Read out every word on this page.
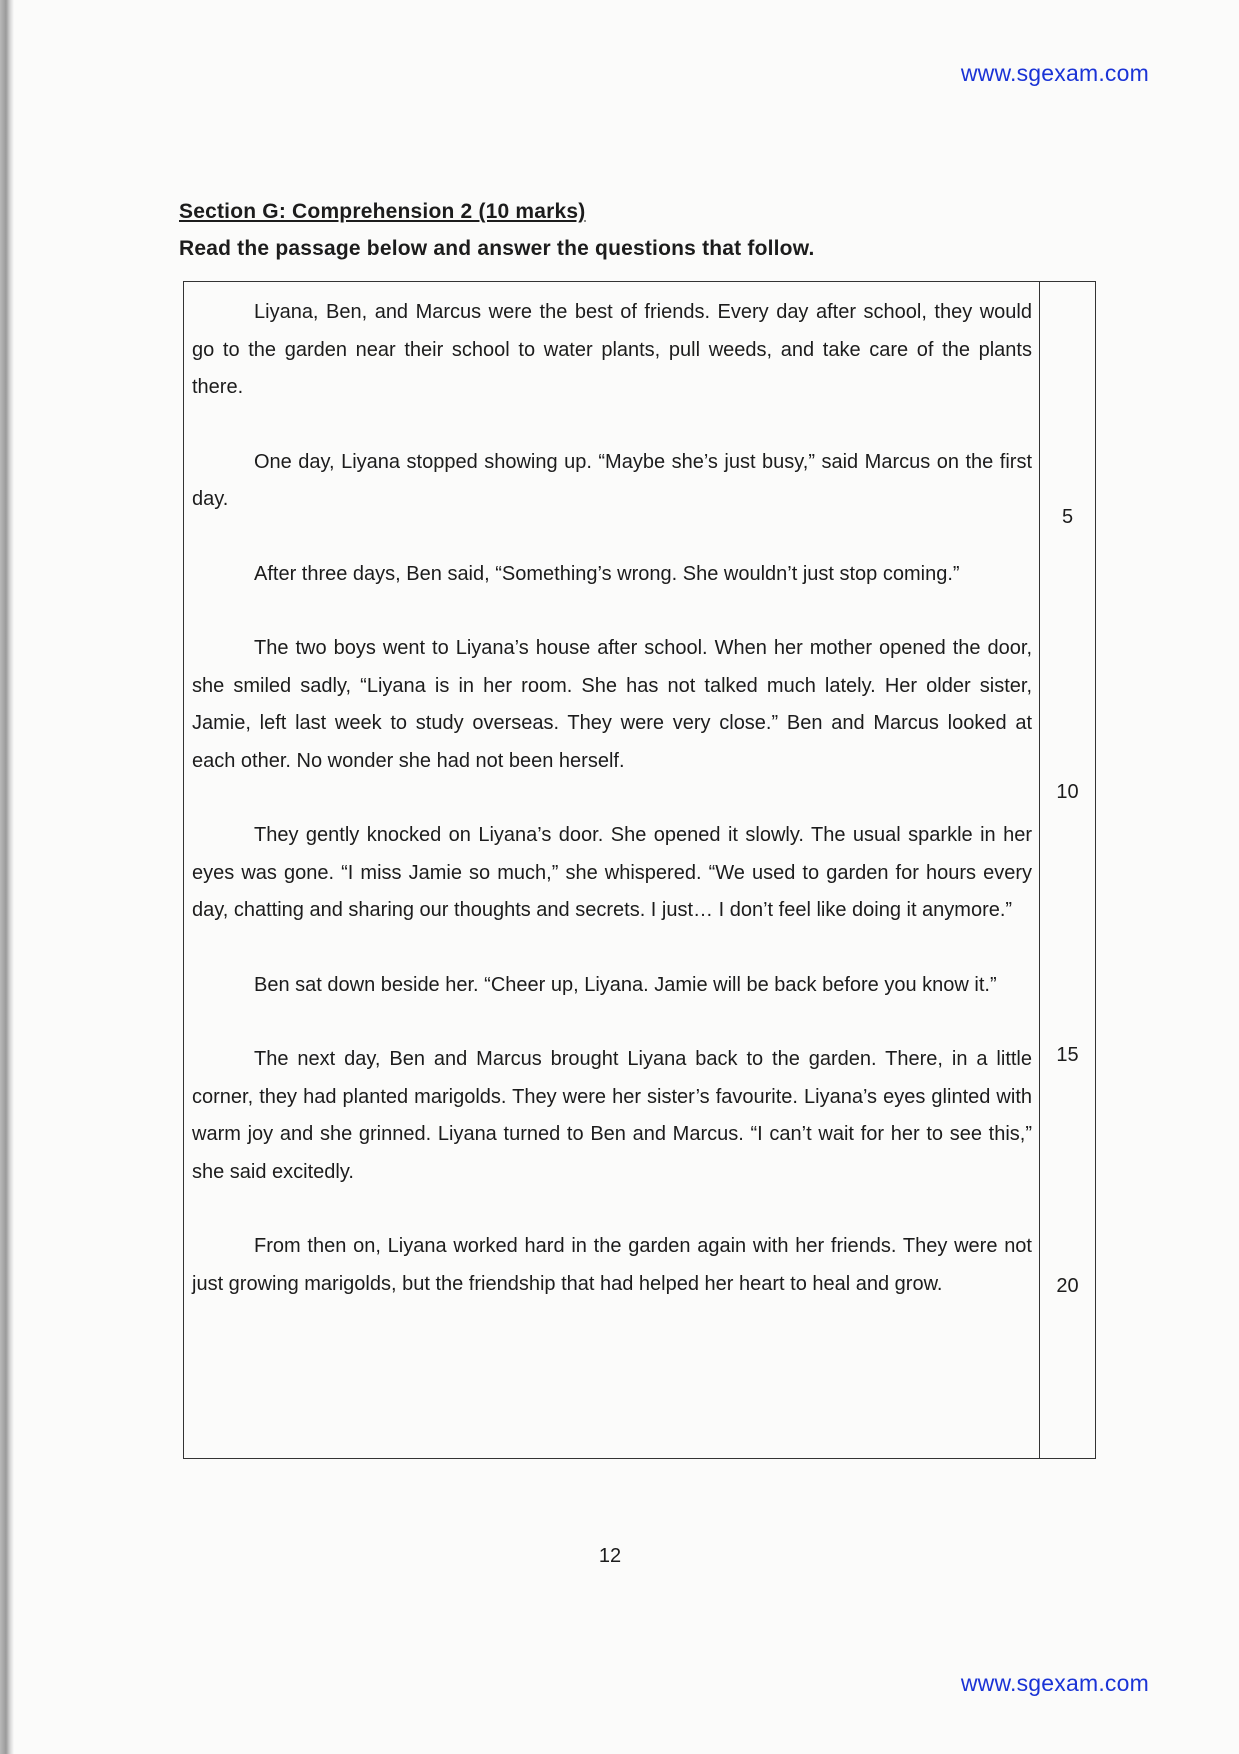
www.sgexam.com
Section G: Comprehension 2 (10 marks)
Read the passage below and answer the questions that follow.

Liyana, Ben, and Marcus were the best of friends. Every day after school, they would go to the garden near their school to water plants, pull weeds, and take care of the plants there.

One day, Liyana stopped showing up. “Maybe she’s just busy,” said Marcus on the first day.

After three days, Ben said, “Something’s wrong. She wouldn’t just stop coming.”

The two boys went to Liyana’s house after school. When her mother opened the door, she smiled sadly, “Liyana is in her room. She has not talked much lately. Her older sister, Jamie, left last week to study overseas. They were very close.” Ben and Marcus looked at each other. No wonder she had not been herself.

They gently knocked on Liyana’s door. She opened it slowly. The usual sparkle in her eyes was gone. “I miss Jamie so much,” she whispered. “We used to garden for hours every day, chatting and sharing our thoughts and secrets. I just… I don’t feel like doing it anymore.”

Ben sat down beside her. “Cheer up, Liyana. Jamie will be back before you know it.”

The next day, Ben and Marcus brought Liyana back to the garden. There, in a little corner, they had planted marigolds. They were her sister’s favourite. Liyana’s eyes glinted with warm joy and she grinned. Liyana turned to Ben and Marcus. “I can’t wait for her to see this,” she said excitedly.

From then on, Liyana worked hard in the garden again with her friends. They were not just growing marigolds, but the friendship that had helped her heart to heal and grow.

5
10
15
20
12
www.sgexam.com
